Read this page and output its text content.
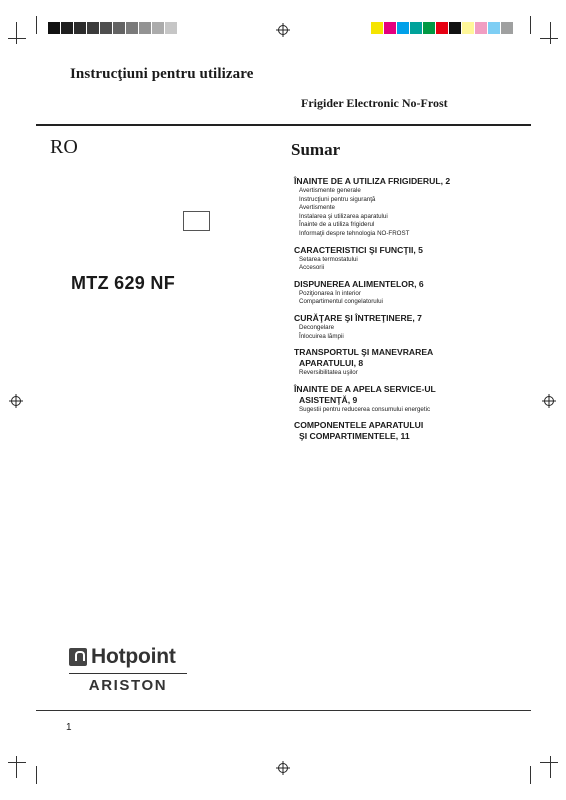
Instrucţiuni pentru utilizare
Frigider Electronic No-Frost
RO
MTZ 629 NF
Sumar
ÎNAINTE DE A UTILIZA FRIGIDERUL, 2
Avertismente generale
Instrucţiuni pentru siguranţă
Avertismente
Instalarea şi utilizarea aparatului
Înainte de a utiliza frigiderul
Informaţii despre tehnologia NO-FROST
CARACTERISTICI ŞI FUNCŢII, 5
Setarea termostatului
Accesorii
DISPUNEREA ALIMENTELOR, 6
Poziţionarea în interior
Compartimentul congelatorului
CURĂŢARE ŞI ÎNTREŢINERE, 7
Decongelare
Înlocuirea lămpii
TRANSPORTUL ŞI MANEVRAREA
APARATULUI, 8
Reversibilitatea uşilor
ÎNAINTE DE A APELA SERVICE-UL
ASISTENŢĂ, 9
Sugestii pentru reducerea consumului energetic
COMPONENTELE APARATULUI
ŞI COMPARTIMENTELE, 11
Hotpoint
ARISTON
1
